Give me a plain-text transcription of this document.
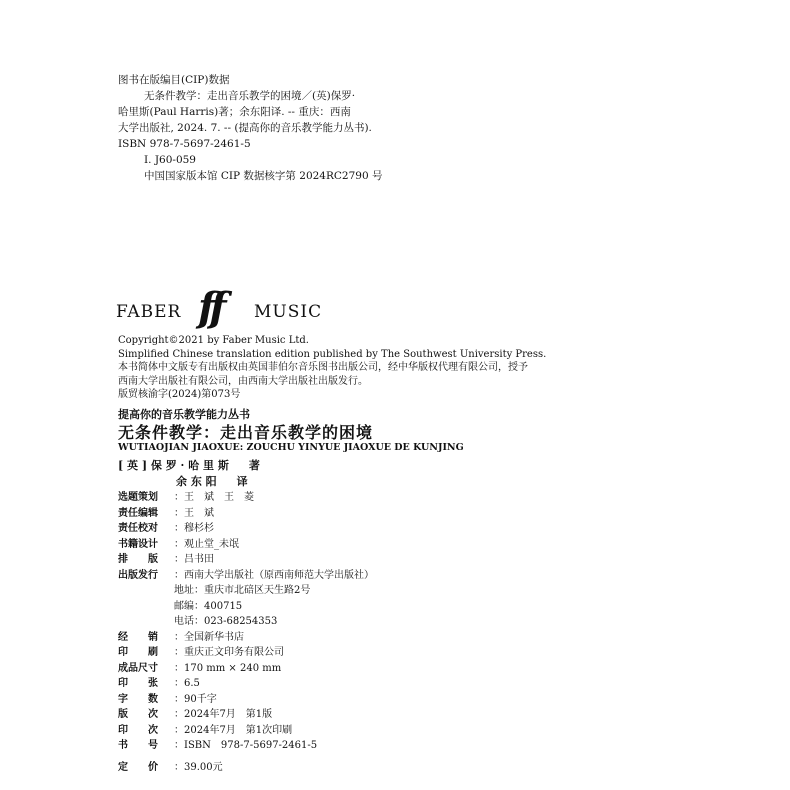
图书在版编目(CIP)数据
无条件教学：走出音乐教学的困境／(英)保罗·
哈里斯(Paul Harris)著；余东阳译. -- 重庆：西南
大学出版社, 2024. 7. -- (提高你的音乐教学能力丛书).
ISBN 978-7-5697-2461-5
Ⅰ. J60-059
中国国家版本馆 CIP 数据核字第 2024RC2790 号
FABER ff MUSIC
Copyright©2021 by Faber Music Ltd.
Simplified Chinese translation edition published by The Southwest University Press.
本书简体中文版专有出版权由英国菲伯尔音乐图书出版公司，经中华版权代理有限公司，授予
西南大学出版社有限公司，由西南大学出版社出版发行。
版贸核渝字(2024)第073号
提高你的音乐教学能力丛书
无条件教学：走出音乐教学的困境
WUTIAOJIAN JIAOXUE: ZOUCHU YINYUE JIAOXUE DE KUNJING
[ 英 ] 保 罗 · 哈 里 斯 著
余 东 阳 译
选题策划 ：王　斌　王　菱
责任编辑 ：王　斌
责任校对 ：穆杉杉
书籍设计 ：观止堂_未氓
排　　版 ：吕书田
出版发行 ：西南大学出版社（原西南师范大学出版社）
地址：重庆市北碚区天生路2号
邮编：400715
电话：023-68254353
经　　销 ：全国新华书店
印　　刷 ：重庆正文印务有限公司
成品尺寸 ：170 mm × 240 mm
印　　张 ：6.5
字　　数 ：90千字
版　　次 ：2024年7月　第1版
印　　次 ：2024年7月　第1次印刷
书　　号 ：ISBN　978-7-5697-2461-5
定　　价 ：39.00元
